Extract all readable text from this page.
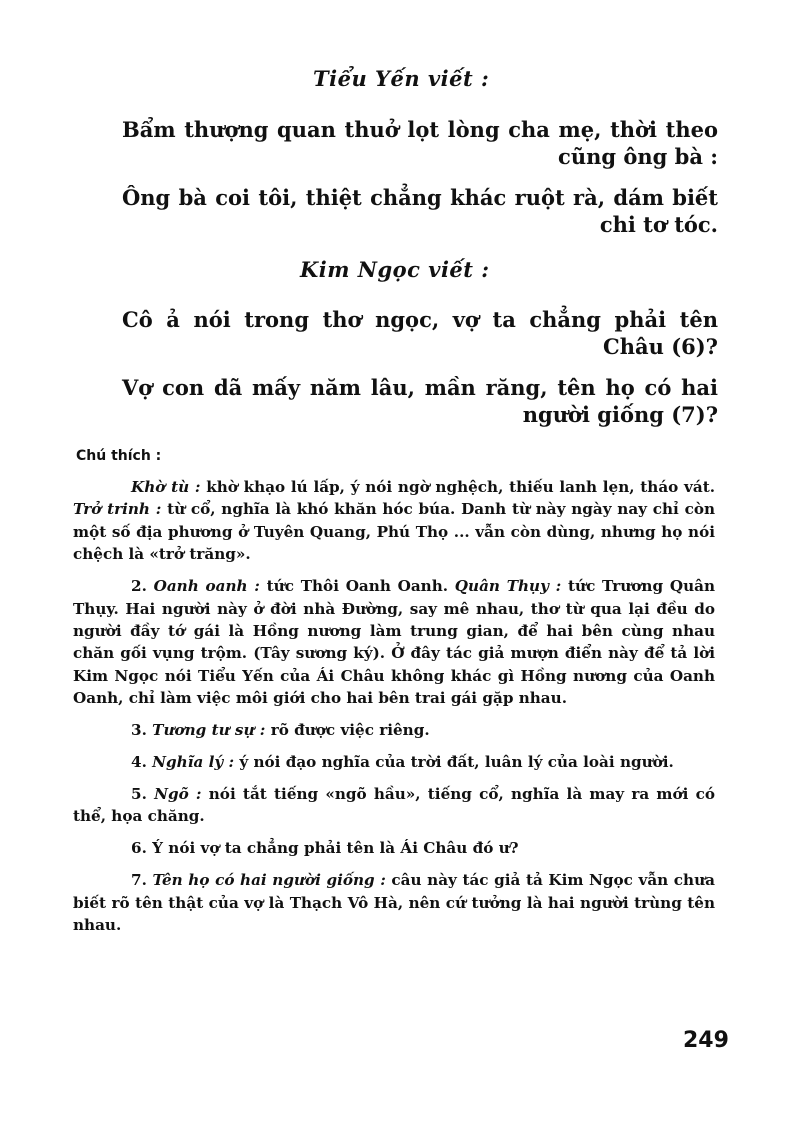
Tiểu Yến viết :

Bẩm thượng quan thuở lọt lòng cha mẹ, thời theo
cũng ông bà :

Ông bà coi tôi, thiệt chẳng khác ruột rà, dám biết
chi tơ tóc.

Kim Ngọc viết :

Cô ả nói trong thơ ngọc, vợ ta chẳng phải tên
Châu (6)?

Vợ con dã mấy năm lâu, mần răng, tên họ có hai
người giống (7)?

Chú thích :

Khờ tù : khờ khạo lú lấp, ý nói ngờ nghệch, thiếu lanh lẹn, tháo vát. Trở trinh : từ cổ, nghĩa là khó khăn hóc búa. Danh từ này ngày nay chỉ còn một số địa phương ở Tuyên Quang, Phú Thọ ... vẫn còn dùng, nhưng họ nói chệch là «trở trăng».

2. Oanh oanh : tức Thôi Oanh Oanh. Quân Thụy : tức Trương Quân Thụy. Hai người này ở đời nhà Đường, say mê nhau, thơ từ qua lại đều do người đầy tớ gái là Hồng nương làm trung gian, để hai bên cùng nhau chăn gối vụng trộm. (Tây sương ký). Ở đây tác giả mượn điển này để tả lời Kim Ngọc nói Tiểu Yến của Ái Châu không khác gì Hồng nương của Oanh Oanh, chỉ làm việc môi giới cho hai bên trai gái gặp nhau.

3. Tương tư sự : rõ được việc riêng.

4. Nghĩa lý : ý nói đạo nghĩa của trời đất, luân lý của loài người.

5. Ngõ : nói tắt tiếng «ngõ hầu», tiếng cổ, nghĩa là may ra mới có thể, họa chăng.

6. Ý nói vợ ta chẳng phải tên là Ái Châu đó ư?

7. Tên họ có hai người giống : câu này tác giả tả Kim Ngọc vẫn chưa biết rõ tên thật của vợ là Thạch Vô Hà, nên cứ tưởng là hai người trùng tên nhau.

249
